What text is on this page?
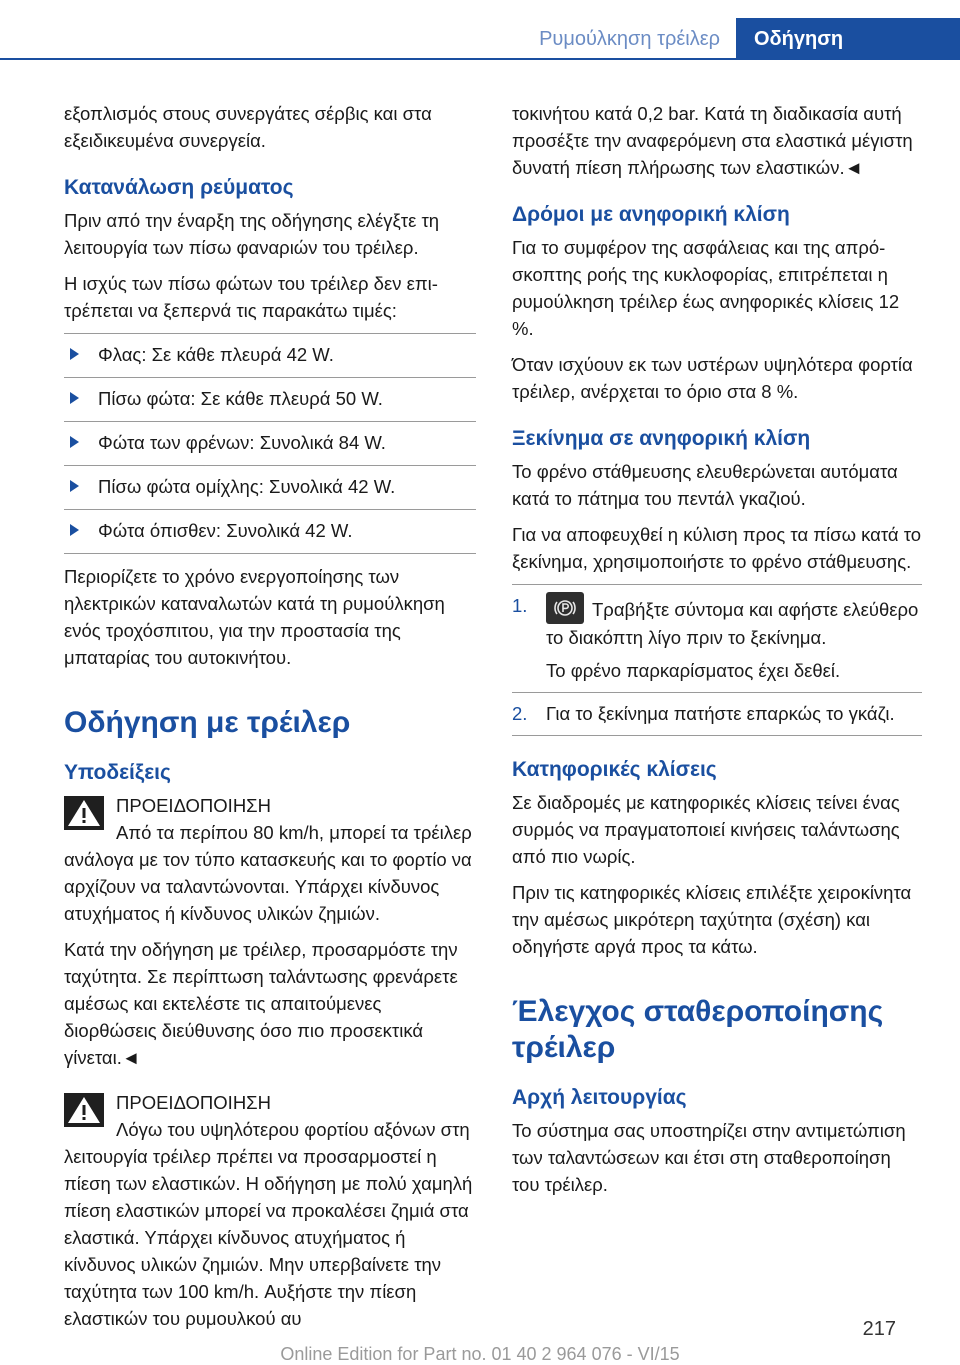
Ρυμούλκηση τρέιλερ	Οδήγηση

εξοπλισμός στους συνεργάτες σέρβις και στα εξειδικευμένα συνεργεία.

Κατανάλωση ρεύματος

Πριν από την έναρξη της οδήγησης ελέγξτε τη λειτουργία των πίσω φαναριών του τρέιλερ.

Η ισχύς των πίσω φώτων του τρέιλερ δεν επιτρέπεται να ξεπερνά τις παρακάτω τιμές:

Φλας: Σε κάθε πλευρά 42 W.
Πίσω φώτα: Σε κάθε πλευρά 50 W.
Φώτα των φρένων: Συνολικά 84 W.
Πίσω φώτα ομίχλης: Συνολικά 42 W.
Φώτα όπισθεν: Συνολικά 42 W.

Περιορίζετε το χρόνο ενεργοποίησης των ηλεκτρικών καταναλωτών κατά τη ρυμούλκηση ενός τροχόσπιτου, για την προστασία της μπαταρίας του αυτοκινήτου.

Οδήγηση με τρέιλερ
Υποδείξεις

ΠΡΟΕΙΔΟΠΟΙΗΣΗ

Από τα περίπου 80 km/h, μπορεί τα τρέιλερ ανάλογα με τον τύπο κατασκευής και το φορτίο να αρχίζουν να ταλαντώνονται. Υπάρχει κίνδυνος ατυχήματος ή κίνδυνος υλικών ζημιών.

Κατά την οδήγηση με τρέιλερ, προσαρμόστε την ταχύτητα. Σε περίπτωση ταλάντωσης φρενάρετε αμέσως και εκτελέστε τις απαιτούμενες διορθώσεις διεύθυνσης όσο πιο προσεκτικά γίνεται.◄

ΠΡΟΕΙΔΟΠΟΙΗΣΗ

Λόγω του υψηλότερου φορτίου αξόνων στη λειτουργία τρέιλερ πρέπει να προσαρμοστεί η πίεση των ελαστικών. Η οδήγηση με πολύ χαμηλή πίεση ελαστικών μπορεί να προκαλέσει ζημιά στα ελαστικά. Υπάρχει κίνδυνος ατυχήματος ή κίνδυνος υλικών ζημιών. Μην υπερβαίνετε την ταχύτητα των 100 km/h. Αυξήστε την πίεση ελαστικών του ρυμουλκού αυ

τοκινήτου κατά 0,2 bar. Κατά τη διαδικασία αυτή προσέξτε την αναφερόμενη στα ελαστικά μέγιστη δυνατή πίεση πλήρωσης των ελαστικών.◄

Δρόμοι με ανηφορική κλίση

Για το συμφέρον της ασφάλειας και της απρόσκοπτης ροής της κυκλοφορίας, επιτρέπεται η ρυμούλκηση τρέιλερ έως ανηφορικές κλίσεις 12 %.

Όταν ισχύουν εκ των υστέρων υψηλότερα φορτία τρέιλερ, ανέρχεται το όριο στα 8 %.

Ξεκίνημα σε ανηφορική κλίση

Το φρένο στάθμευσης ελευθερώνεται αυτόματα κατά το πάτημα του πεντάλ γκαζιού.

Για να αποφευχθεί η κύλιση προς τα πίσω κατά το ξεκίνημα, χρησιμοποιήστε το φρένο στάθμευσης.

1.	Τραβήξτε σύντομα και αφήστε ελεύθερο το διακόπτη λίγο πριν το ξεκίνημα.

Το φρένο παρκαρίσματος έχει δεθεί.

2. Για το ξεκίνημα πατήστε επαρκώς το γκάζι.
Κατηφορικές κλίσεις

Σε διαδρομές με κατηφορικές κλίσεις τείνει ένας συρμός να πραγματοποιεί κινήσεις ταλάντωσης από πιο νωρίς.

Πριν τις κατηφορικές κλίσεις επιλέξτε χειροκίνητα την αμέσως μικρότερη ταχύτητα (σχέση) και οδηγήστε αργά προς τα κάτω.

Έλεγχος σταθεροποίησης τρέιλερ
Αρχή λειτουργίας

Το σύστημα σας υποστηρίζει στην αντιμετώπιση των ταλαντώσεων και έτσι στη σταθεροποίηση του τρέιλερ.

217
Online Edition for Part no. 01 40 2 964 076 - VI/15
